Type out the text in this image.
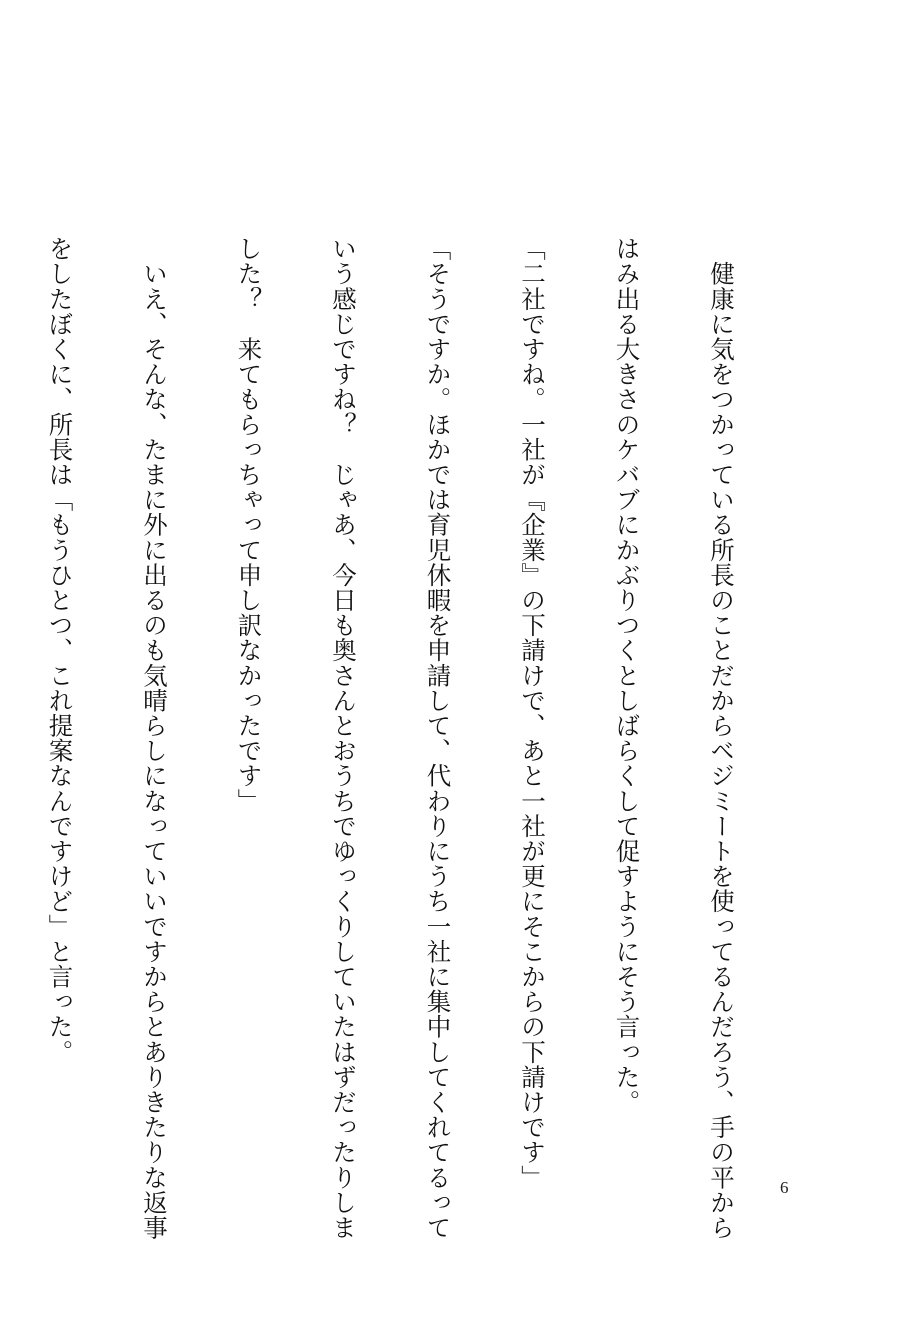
　健康に気をつかっている所長のことだからベジミートを使ってるんだろう、手の平から

はみ出る大きさのケバブにかぶりつくとしばらくして促すようにそう言った。

「二社ですね。一社が『企業』の下請けで、あと一社が更にそこからの下請けです」

「そうですか。ほかでは育児休暇を申請して、代わりにうち一社に集中してくれてるって

いう感じですね？　じゃあ、今日も奥さんとおうちでゆっくりしていたはずだったりしま

した？　来てもらっちゃって申し訳なかったです」

　いえ、そんな、たまに外に出るのも気晴らしになっていいですからとありきたりな返事

をしたぼくに、所長は「もうひとつ、これ提案なんですけど」と言った。

6
